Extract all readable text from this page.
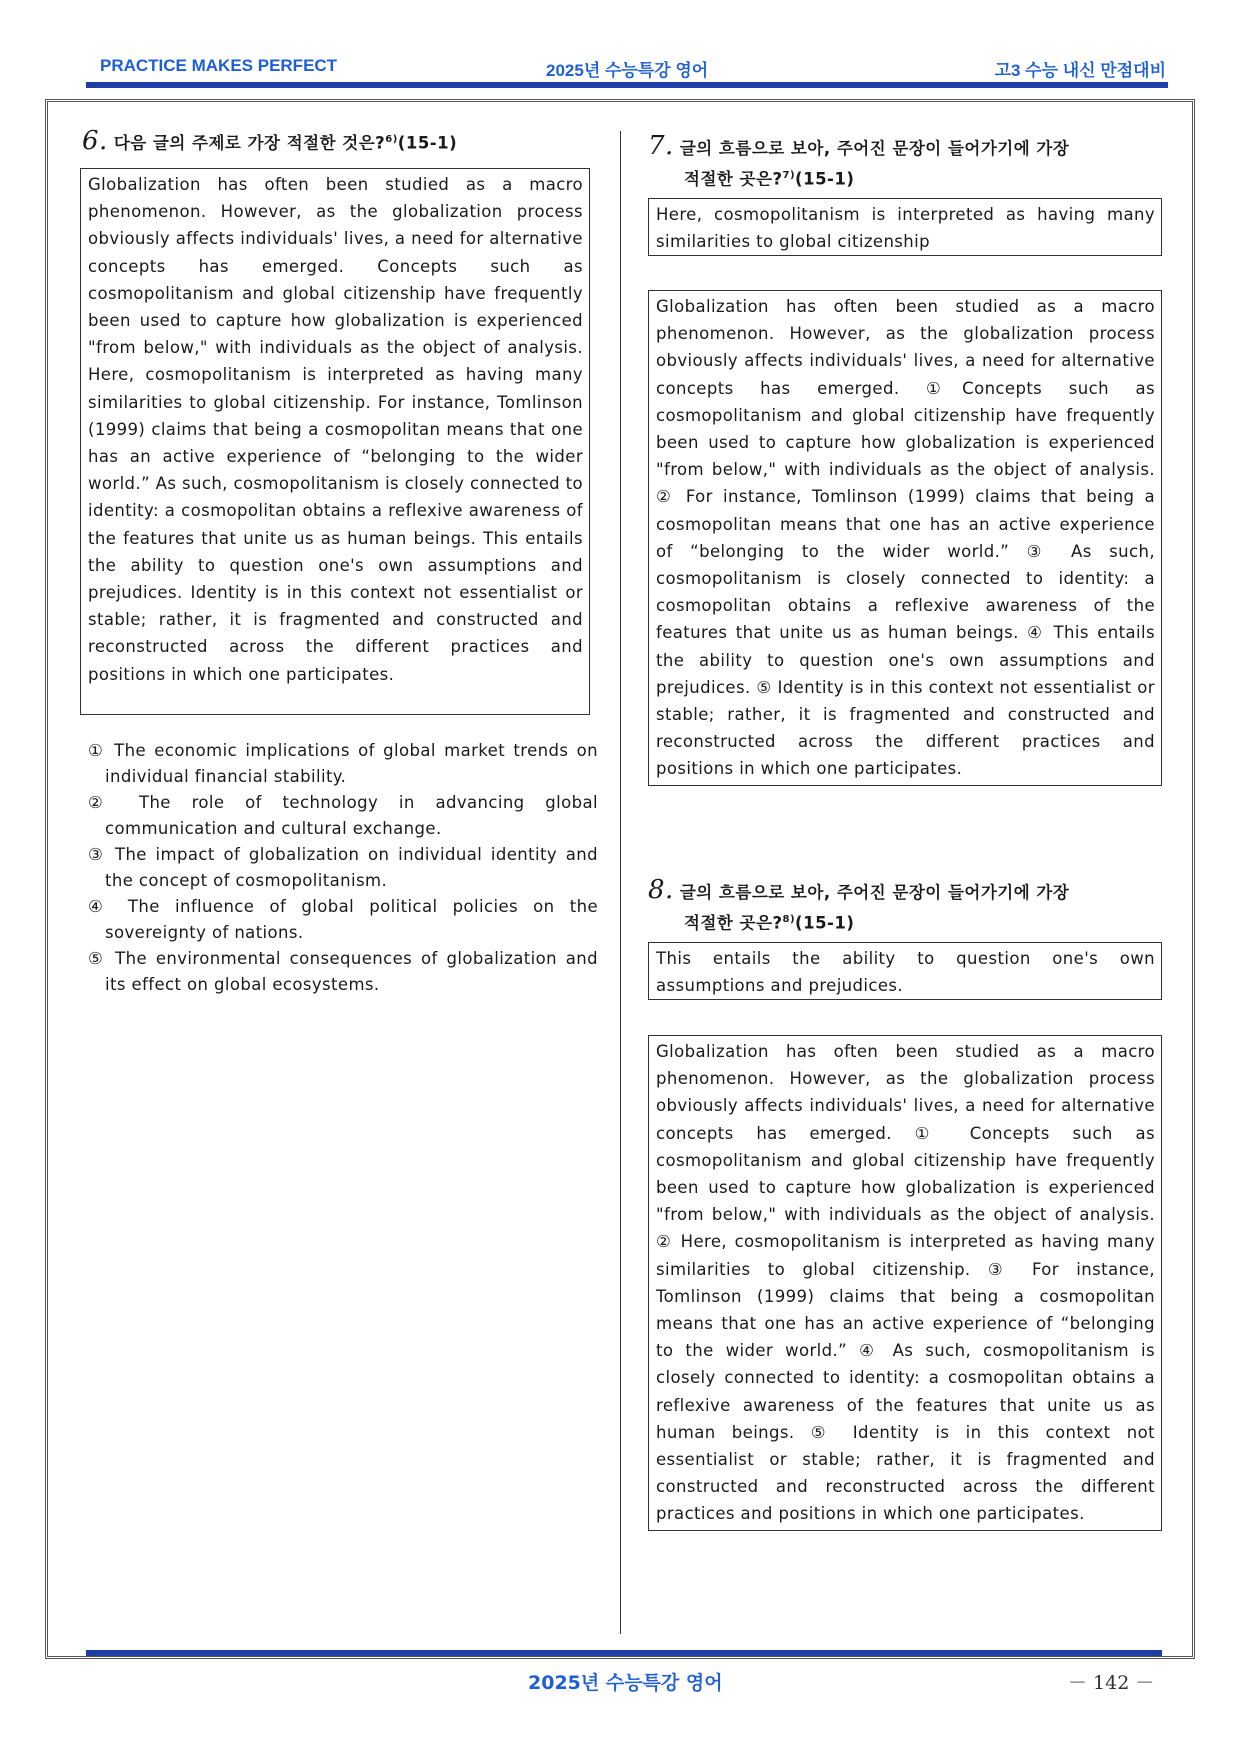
PRACTICE MAKES PERFECT	2025년 수능특강 영어	고3 수능 내신 만점대비
6. 다음 글의 주제로 가장 적절한 것은?$^{6)}$(15-1)
Globalization has often been studied as a macro phenomenon. However, as the globalization process obviously affects individuals' lives, a need for alternative concepts has emerged. Concepts such as cosmopolitanism and global citizenship have frequently been used to capture how globalization is experienced "from below," with individuals as the object of analysis. Here, cosmopolitanism is interpreted as having many similarities to global citizenship. For instance, Tomlinson (1999) claims that being a cosmopolitan means that one has an active experience of “belonging to the wider world.” As such, cosmopolitanism is closely connected to identity: a cosmopolitan obtains a reflexive awareness of the features that unite us as human beings. This entails the ability to question one's own assumptions and prejudices. Identity is in this context not essentialist or stable; rather, it is fragmented and constructed and reconstructed across the different practices and positions in which one participates.
① The economic implications of global market trends on individual financial stability.
② The role of technology in advancing global communication and cultural exchange.
③ The impact of globalization on individual identity and the concept of cosmopolitanism.
④ The influence of global political policies on the sovereignty of nations.
⑤ The environmental consequences of globalization and its effect on global ecosystems.
7. 글의 흐름으로 보아, 주어진 문장이 들어가기에 가장
적절한 곳은?$^{7)}$(15-1)
Here, cosmopolitanism is interpreted as having many similarities to global citizenship
Globalization has often been studied as a macro phenomenon. However, as the globalization process obviously affects individuals' lives, a need for alternative concepts has emerged. ①Concepts such as cosmopolitanism and global citizenship have frequently been used to capture how globalization is experienced "from below," with individuals as the object of analysis. ② For instance, Tomlinson (1999) claims that being a cosmopolitan means that one has an active experience of “belonging to the wider world.” ③ As such, cosmopolitanism is closely connected to identity: a cosmopolitan obtains a reflexive awareness of the features that unite us as human beings. ④ This entails the ability to question one's own assumptions and prejudices. ⑤ Identity is in this context not essentialist or stable; rather, it is fragmented and constructed and reconstructed across the different practices and positions in which one participates.
8. 글의 흐름으로 보아, 주어진 문장이 들어가기에 가장
적절한 곳은?$^{8)}$(15-1)
This entails the ability to question one's own assumptions and prejudices.
Globalization has often been studied as a macro phenomenon. However, as the globalization process obviously affects individuals' lives, a need for alternative concepts has emerged. ① Concepts such as cosmopolitanism and global citizenship have frequently been used to capture how globalization is experienced "from below," with individuals as the object of analysis. ② Here, cosmopolitanism is interpreted as having many similarities to global citizenship. ③ For instance, Tomlinson (1999) claims that being a cosmopolitan means that one has an active experience of “belonging to the wider world.” ④ As such, cosmopolitanism is closely connected to identity: a cosmopolitan obtains a reflexive awareness of the features that unite us as human beings. ⑤ Identity is in this context not essentialist or stable; rather, it is fragmented and constructed and reconstructed across the different practices and positions in which one participates.
2025년 수능특강 영어	－ 142 －
